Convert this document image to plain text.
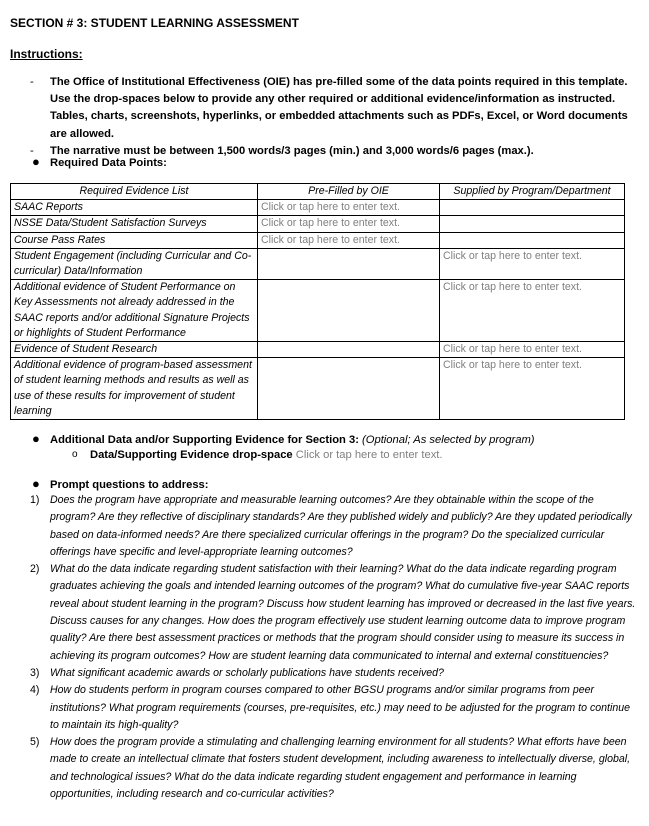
SECTION # 3: STUDENT LEARNING ASSESSMENT
Instructions:
- The Office of Institutional Effectiveness (OIE) has pre-filled some of the data points required in this template. Use the drop-spaces below to provide any other required or additional evidence/information as instructed. Tables, charts, screenshots, hyperlinks, or embedded attachments such as PDFs, Excel, or Word documents are allowed.
- The narrative must be between 1,500 words/3 pages (min.) and 3,000 words/6 pages (max.).
● Required Data Points:
Required Evidence List	Pre-Filled by OIE	Supplied by Program/Department
SAAC Reports	Click or tap here to enter text.	
NSSE Data/Student Satisfaction Surveys	Click or tap here to enter text.	
Course Pass Rates	Click or tap here to enter text.	
Student Engagement (including Curricular and Co-curricular) Data/Information		Click or tap here to enter text.
Additional evidence of Student Performance on Key Assessments not already addressed in the SAAC reports and/or additional Signature Projects or highlights of Student Performance		Click or tap here to enter text.
Evidence of Student Research		Click or tap here to enter text.
Additional evidence of program-based assessment of student learning methods and results as well as use of these results for improvement of student learning		Click or tap here to enter text.
● Additional Data and/or Supporting Evidence for Section 3: (Optional; As selected by program)
o Data/Supporting Evidence drop-space Click or tap here to enter text.
● Prompt questions to address:
1) Does the program have appropriate and measurable learning outcomes? Are they obtainable within the scope of the program? Are they reflective of disciplinary standards? Are they published widely and publicly? Are they updated periodically based on data-informed needs? Are there specialized curricular offerings in the program? Do the specialized curricular offerings have specific and level-appropriate learning outcomes?
2) What do the data indicate regarding student satisfaction with their learning? What do the data indicate regarding program graduates achieving the goals and intended learning outcomes of the program? What do cumulative five-year SAAC reports reveal about student learning in the program? Discuss how student learning has improved or decreased in the last five years. Discuss causes for any changes. How does the program effectively use student learning outcome data to improve program quality? Are there best assessment practices or methods that the program should consider using to measure its success in achieving its program outcomes? How are student learning data communicated to internal and external constituencies?
3) What significant academic awards or scholarly publications have students received?
4) How do students perform in program courses compared to other BGSU programs and/or similar programs from peer institutions? What program requirements (courses, pre-requisites, etc.) may need to be adjusted for the program to continue to maintain its high-quality?
5) How does the program provide a stimulating and challenging learning environment for all students? What efforts have been made to create an intellectual climate that fosters student development, including awareness to intellectually diverse, global, and technological issues? What do the data indicate regarding student engagement and performance in learning opportunities, including research and co-curricular activities?
